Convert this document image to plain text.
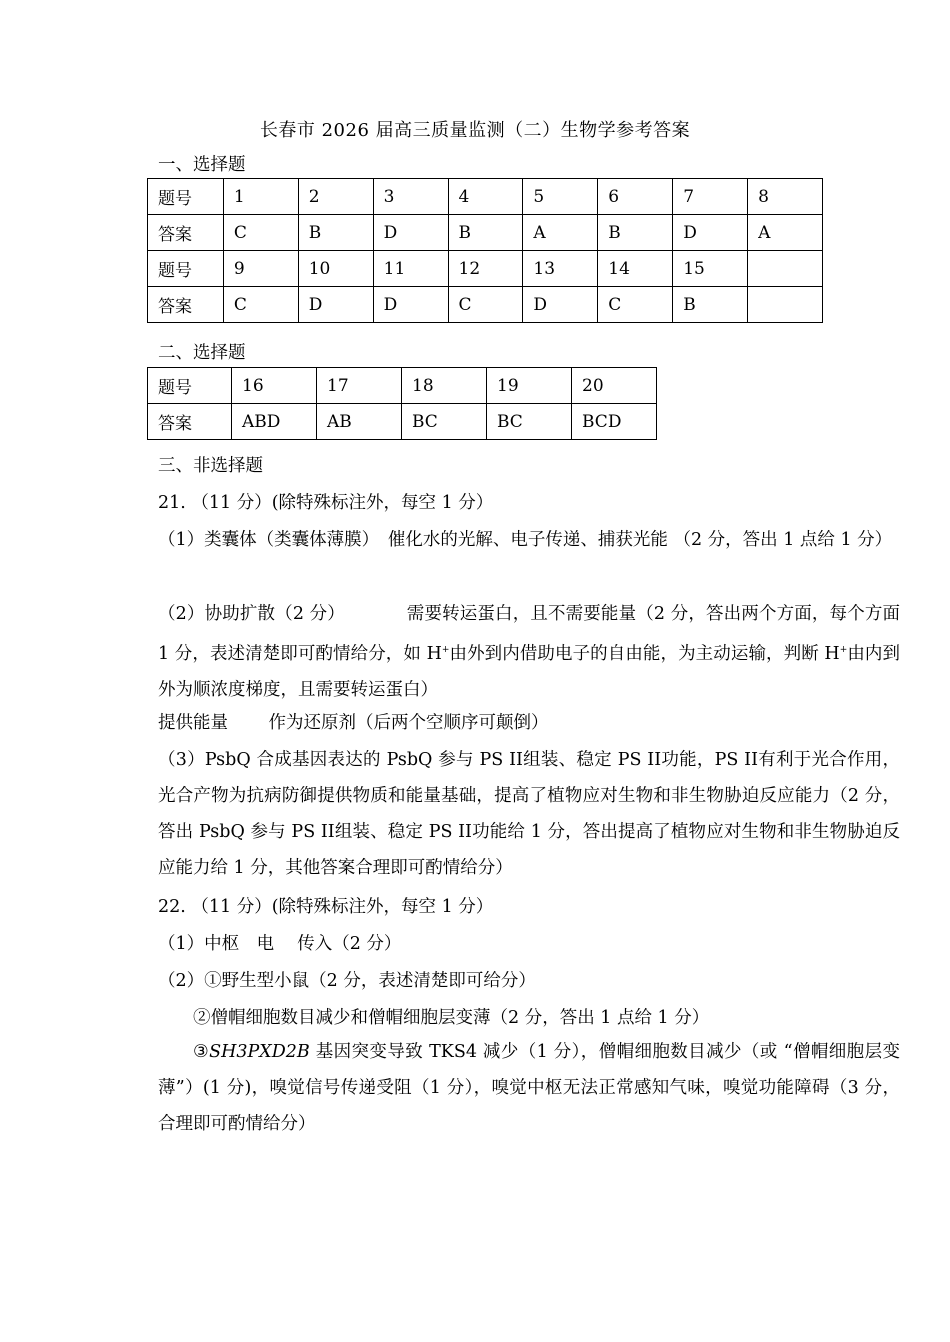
长春市 2026 届高三质量监测（二）生物学参考答案
一、选择题
题号	1	2	3	4	5	6	7	8
答案	C	B	D	B	A	B	D	A
题号	9	10	11	12	13	14	15	
答案	C	D	D	C	D	C	B	
二、选择题
题号	16	17	18	19	20
答案	ABD	AB	BC	BC	BCD
三、非选择题
21. （11 分）(除特殊标注外，每空 1 分）
（1）类囊体（类囊体薄膜）　催化水的光解、电子传递、捕获光能 （2 分，答出 1 点给 1 分）
（2）协助扩散（2 分）　　　　需要转运蛋白，且不需要能量（2 分，答出两个方面，每个方面 1 分，表述清楚即可酌情给分，如 H+由外到内借助电子的自由能，为主动运输，判断 H+由内到外为顺浓度梯度，且需要转运蛋白）
提供能量　　 作为还原剂（后两个空顺序可颠倒）
（3）PsbQ 合成基因表达的 PsbQ 参与 PS II组装、稳定 PS II功能，PS II有利于光合作用，光合产物为抗病防御提供物质和能量基础，提高了植物应对生物和非生物胁迫反应能力（2 分，答出 PsbQ 参与 PS II组装、稳定 PS II功能给 1 分，答出提高了植物应对生物和非生物胁迫反应能力给 1 分，其他答案合理即可酌情给分）
22. （11 分）(除特殊标注外，每空 1 分）
（1）中枢　电　 传入（2 分）
（2）①野生型小鼠（2 分，表述清楚即可给分）
②僧帽细胞数目减少和僧帽细胞层变薄（2 分，答出 1 点给 1 分）
③SH3PXD2B 基因突变导致 TKS4 减少（1 分），僧帽细胞数目减少（或 “僧帽细胞层变薄”）(1 分)，嗅觉信号传递受阻（1 分），嗅觉中枢无法正常感知气味，嗅觉功能障碍（3 分，合理即可酌情给分）
